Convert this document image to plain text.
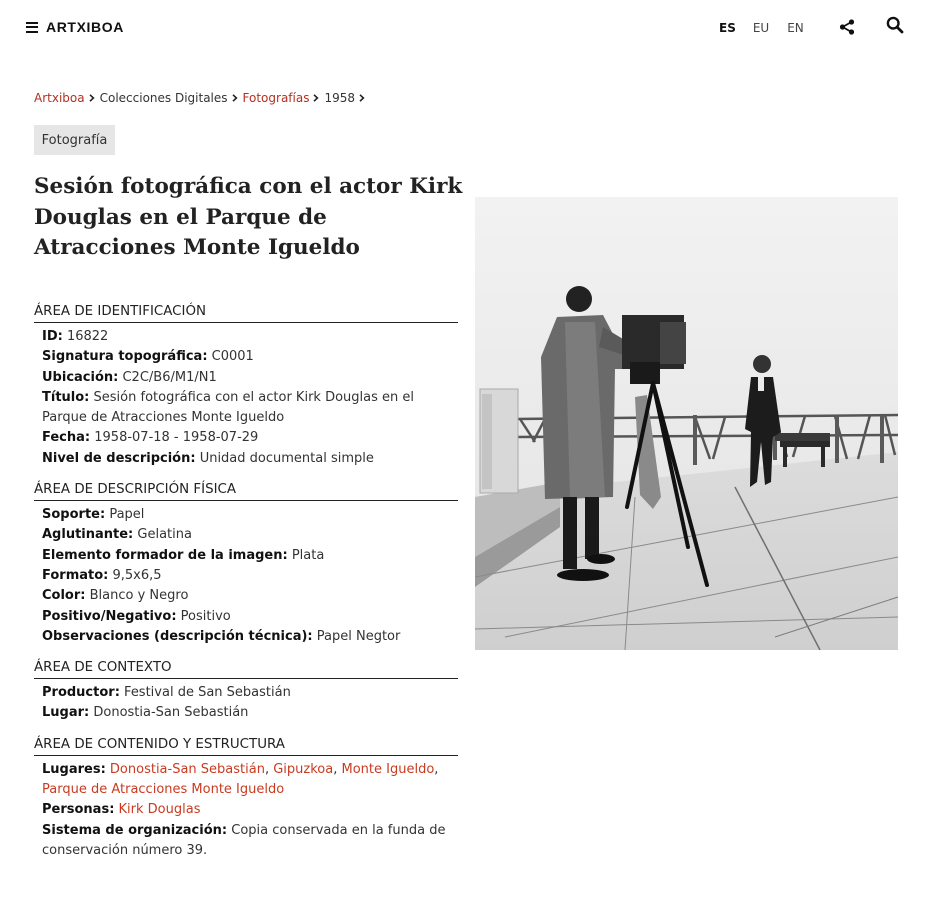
ARTXIBOA	ES EU EN
Artxiboa Colecciones Digitales Fotografías 1958
Fotografía
Sesión fotográfica con el actor Kirk Douglas en el Parque de Atracciones Monte Igueldo
ÁREA DE IDENTIFICACIÓN
ID: 16822
Signatura topográfica: C0001
Ubicación: C2C/B6/M1/N1
Título: Sesión fotográfica con el actor Kirk Douglas en el Parque de Atracciones Monte Igueldo
Fecha: 1958-07-18 - 1958-07-29
Nivel de descripción: Unidad documental simple
ÁREA DE DESCRIPCIÓN FÍSICA
Soporte: Papel
Aglutinante: Gelatina
Elemento formador de la imagen: Plata
Formato: 9,5x6,5
Color: Blanco y Negro
Positivo/Negativo: Positivo
Observaciones (descripción técnica): Papel Negtor
ÁREA DE CONTEXTO
Productor: Festival de San Sebastián
Lugar: Donostia-San Sebastián
ÁREA DE CONTENIDO Y ESTRUCTURA
Lugares: Donostia-San Sebastián, Gipuzkoa, Monte Igueldo, Parque de Atracciones Monte Igueldo
Personas: Kirk Douglas
Sistema de organización: Copia conservada en la funda de conservación número 39.
